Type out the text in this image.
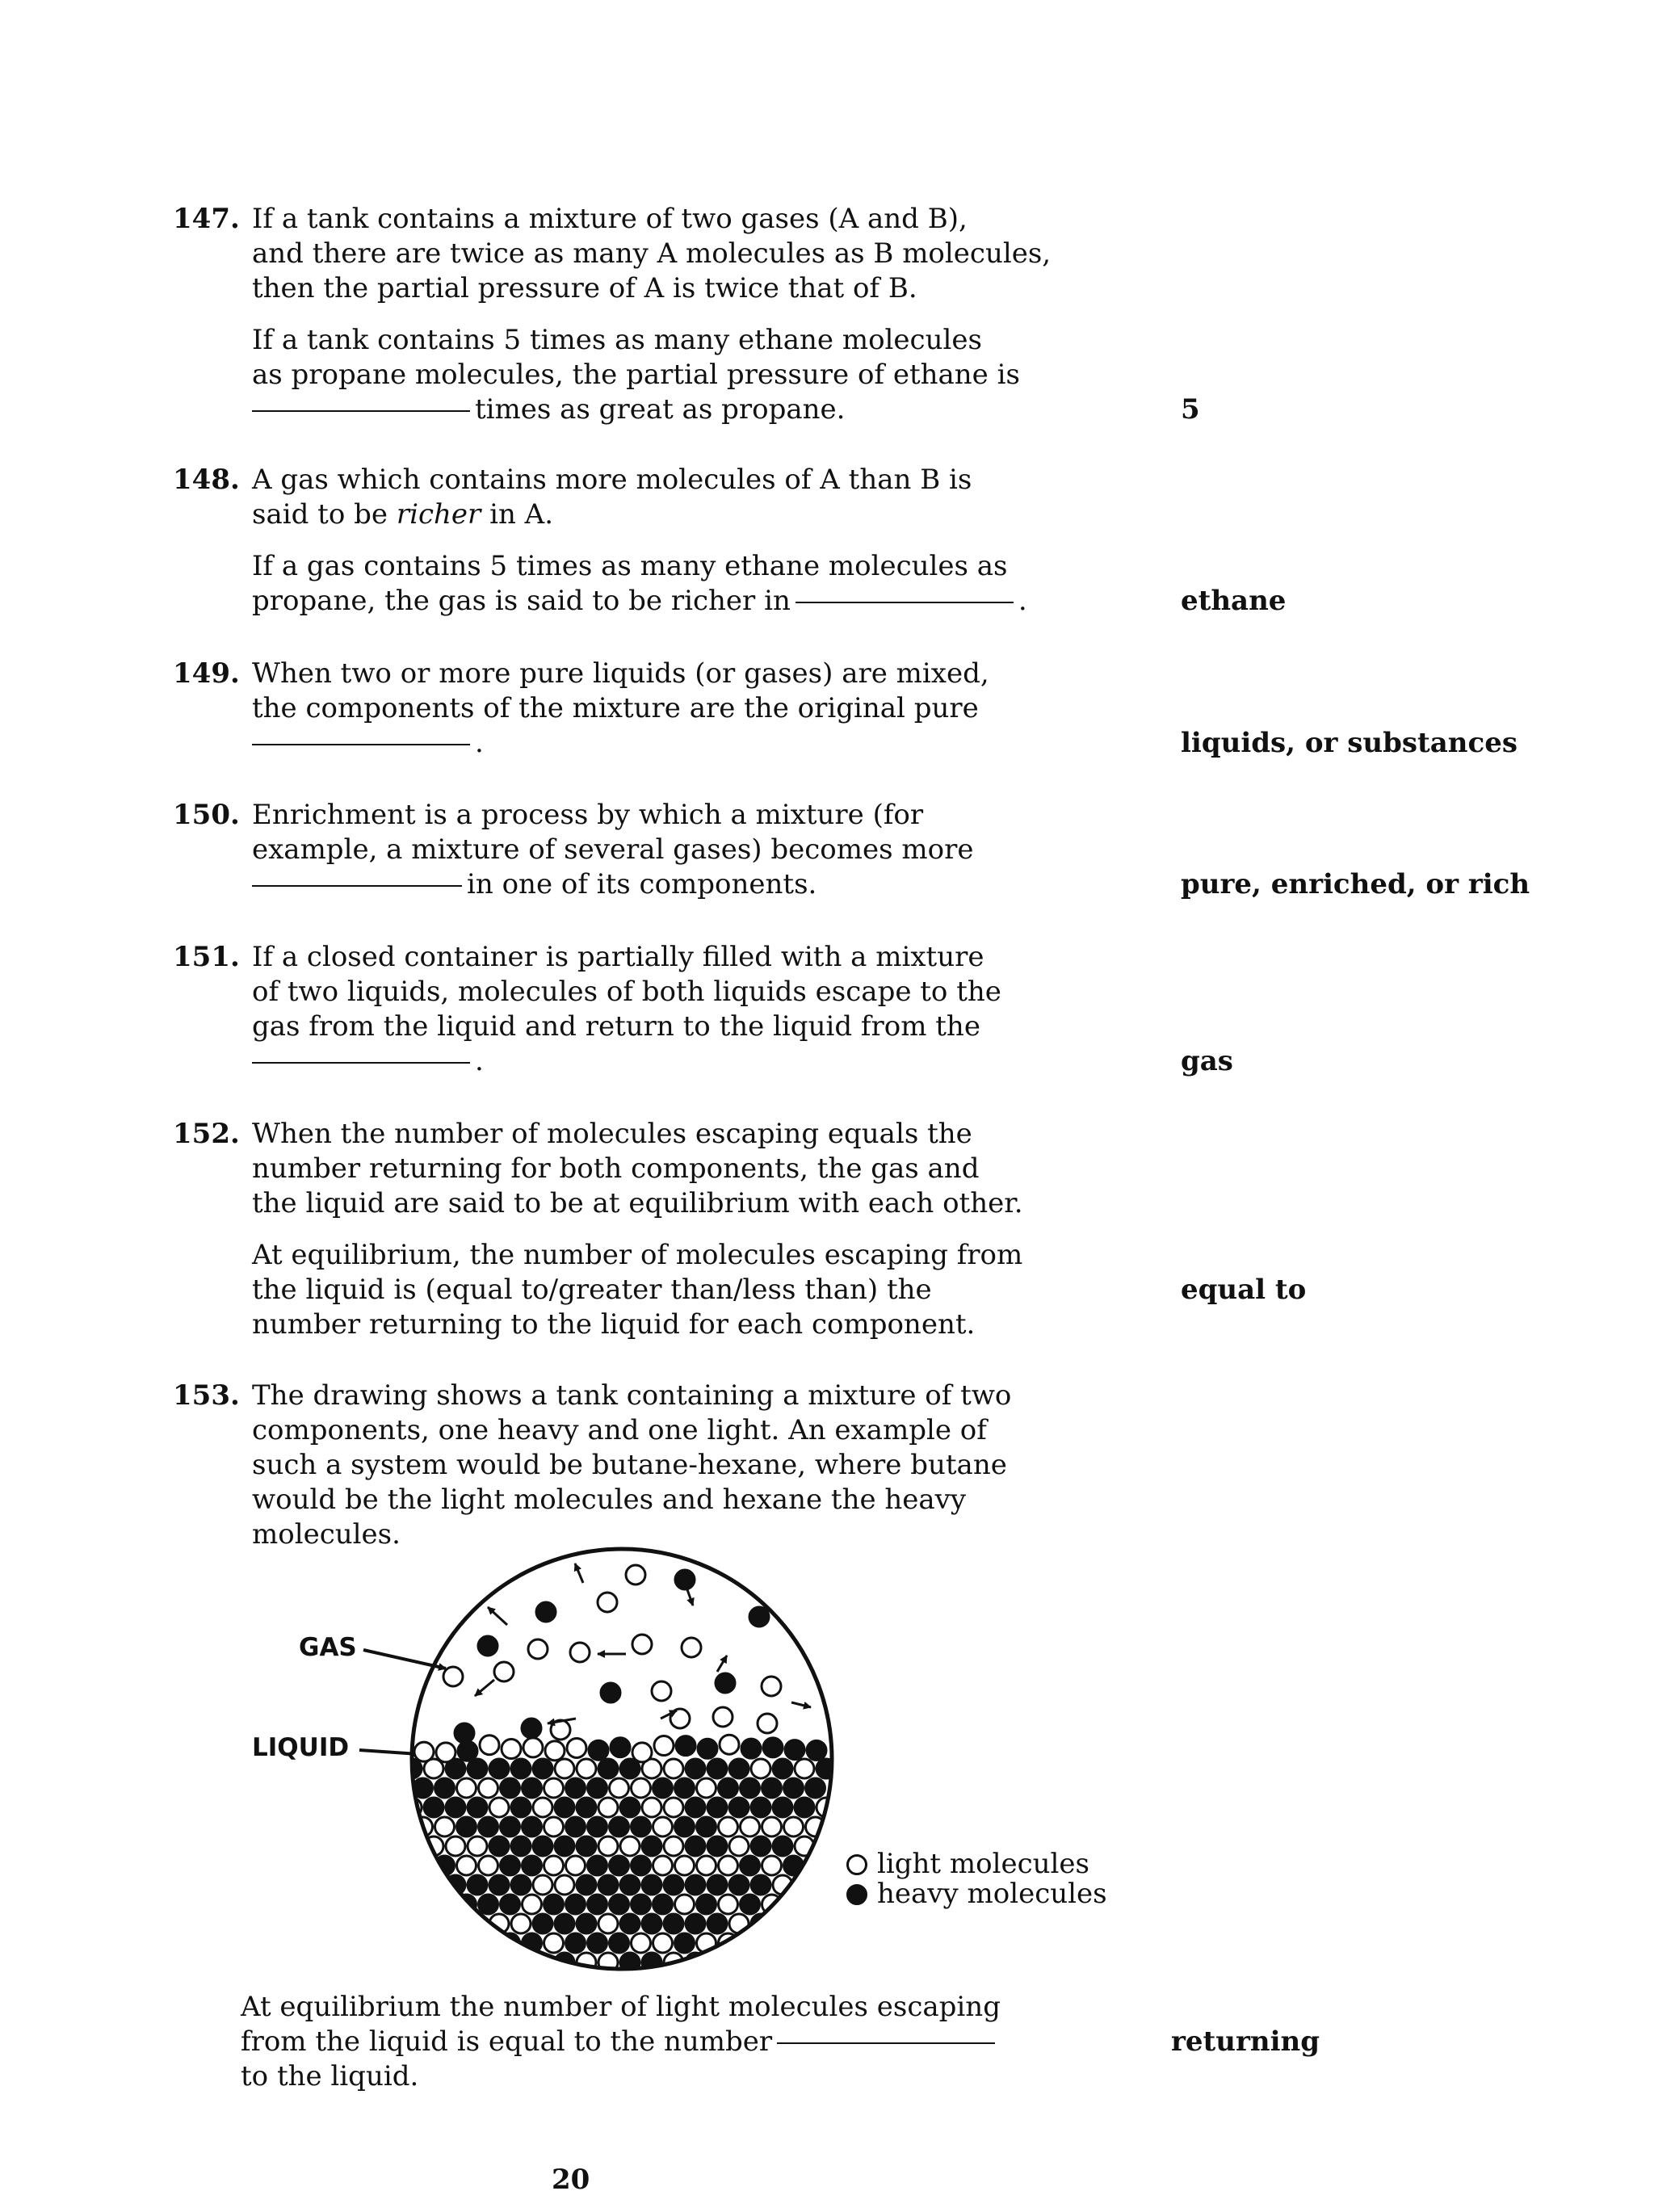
147. If a tank contains a mixture of two gases (A and B),
and there are twice as many A molecules as B molecules,
then the partial pressure of A is twice that of B.
If a tank contains 5 times as many ethane molecules
as propane molecules, the partial pressure of ethane is
times as great as propane.	5
148. A gas which contains more molecules of A than B is
said to be richer in A.
If a gas contains 5 times as many ethane molecules as
propane, the gas is said to be richer in	.	ethane
149. When two or more pure liquids (or gases) are mixed,
the components of the mixture are the original pure
.	liquids, or substances
150. Enrichment is a process by which a mixture (for
example, a mixture of several gases) becomes more
in one of its components.	pure, enriched, or rich
151. If a closed container is partially filled with a mixture
of two liquids, molecules of both liquids escape to the
gas from the liquid and return to the liquid from the
.	gas
152. When the number of molecules escaping equals the
number returning for both components, the gas and
the liquid are said to be at equilibrium with each other.
At equilibrium, the number of molecules escaping from
the liquid is (equal to/greater than/less than) the
number returning to the liquid for each component.
equal to
153. The drawing shows a tank containing a mixture of two
components, one heavy and one light. An example of
such a system would be butane-hexane, where butane
would be the light molecules and hexane the heavy
molecules.
GAS
LIQUID
light molecules
heavy molecules
At equilibrium the number of light molecules escaping
from the liquid is equal to the number
to the liquid.
returning
20
